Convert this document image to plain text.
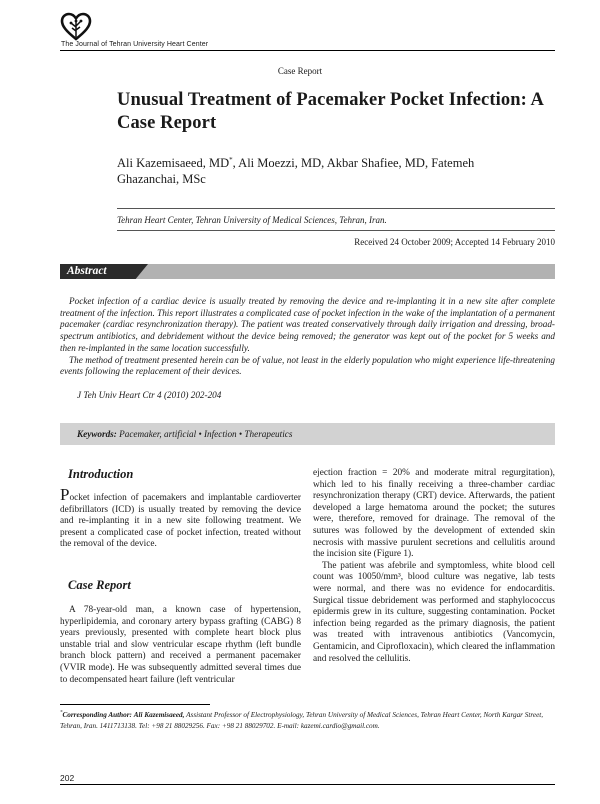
The Journal of Tehran University Heart Center
Case Report
Unusual Treatment of Pacemaker Pocket Infection: A Case Report
Ali Kazemisaeed, MD*, Ali Moezzi, MD, Akbar Shafiee, MD, Fatemeh
Ghazanchai, MSc
Tehran Heart Center, Tehran University of Medical Sciences, Tehran, Iran.
Received 24 October 2009; Accepted 14 February 2010
Abstract

Pocket infection of a cardiac device is usually treated by removing the device and re-implanting it in a new site after complete treatment of the infection. This report illustrates a complicated case of pocket infection in the wake of the implantation of a permanent pacemaker (cardiac resynchronization therapy). The patient was treated conservatively through daily irrigation and dressing, broad-spectrum antibiotics, and debridement without the device being removed; the generator was kept out of the pocket for 5 weeks and then re-implanted in the same location successfully.

The method of treatment presented herein can be of value, not least in the elderly population who might experience life-threatening events following the replacement of their devices.

J Teh Univ Heart Ctr 4 (2010) 202-204
Keywords: Pacemaker, artificial • Infection • Therapeutics
Introduction

Pocket infection of pacemakers and implantable cardioverter defibrillators (ICD) is usually treated by removing the device and re-implanting it in a new site following treatment. We present a complicated case of pocket infection, treated without the removal of the device.

Case Report
A 78-year-old man, a known case of hypertension, hyperlipidemia, and coronary artery bypass grafting (CABG) 8 years previously, presented with complete heart block plus unstable trial and slow ventricular escape rhythm (left bundle branch block pattern) and received a permanent pacemaker (VVIR mode). He was subsequently admitted several times due to decompensated heart failure (left ventricular

ejection fraction = 20% and moderate mitral regurgitation), which led to his finally receiving a three-chamber cardiac resynchronization therapy (CRT) device. Afterwards, the patient developed a large hematoma around the pocket; the sutures were, therefore, removed for drainage. The removal of the sutures was followed by the development of extended skin necrosis with massive purulent secretions and cellulitis around the incision site (Figure 1).

The patient was afebrile and symptomless, white blood cell count was 10050/mm³, blood culture was negative, lab tests were normal, and there was no evidence for endocarditis. Surgical tissue debridement was performed and staphylococcus epidermis grew in its culture, suggesting contamination. Pocket infection being regarded as the primary diagnosis, the patient was treated with intravenous antibiotics (Vancomycin, Gentamicin, and Ciprofloxacin), which cleared the inflammation and resolved the cellulitis.

*Corresponding Author: Ali Kazemisaeed, Assistant Professor of Electrophysiology, Tehran University of Medical Sciences, Tehran Heart Center, North Kargar Street, Tehran, Iran. 1411713138. Tel: +98 21 88029256. Fax: +98 21 88029702. E-mail: kazemi.cardio@gmail.com.
202
